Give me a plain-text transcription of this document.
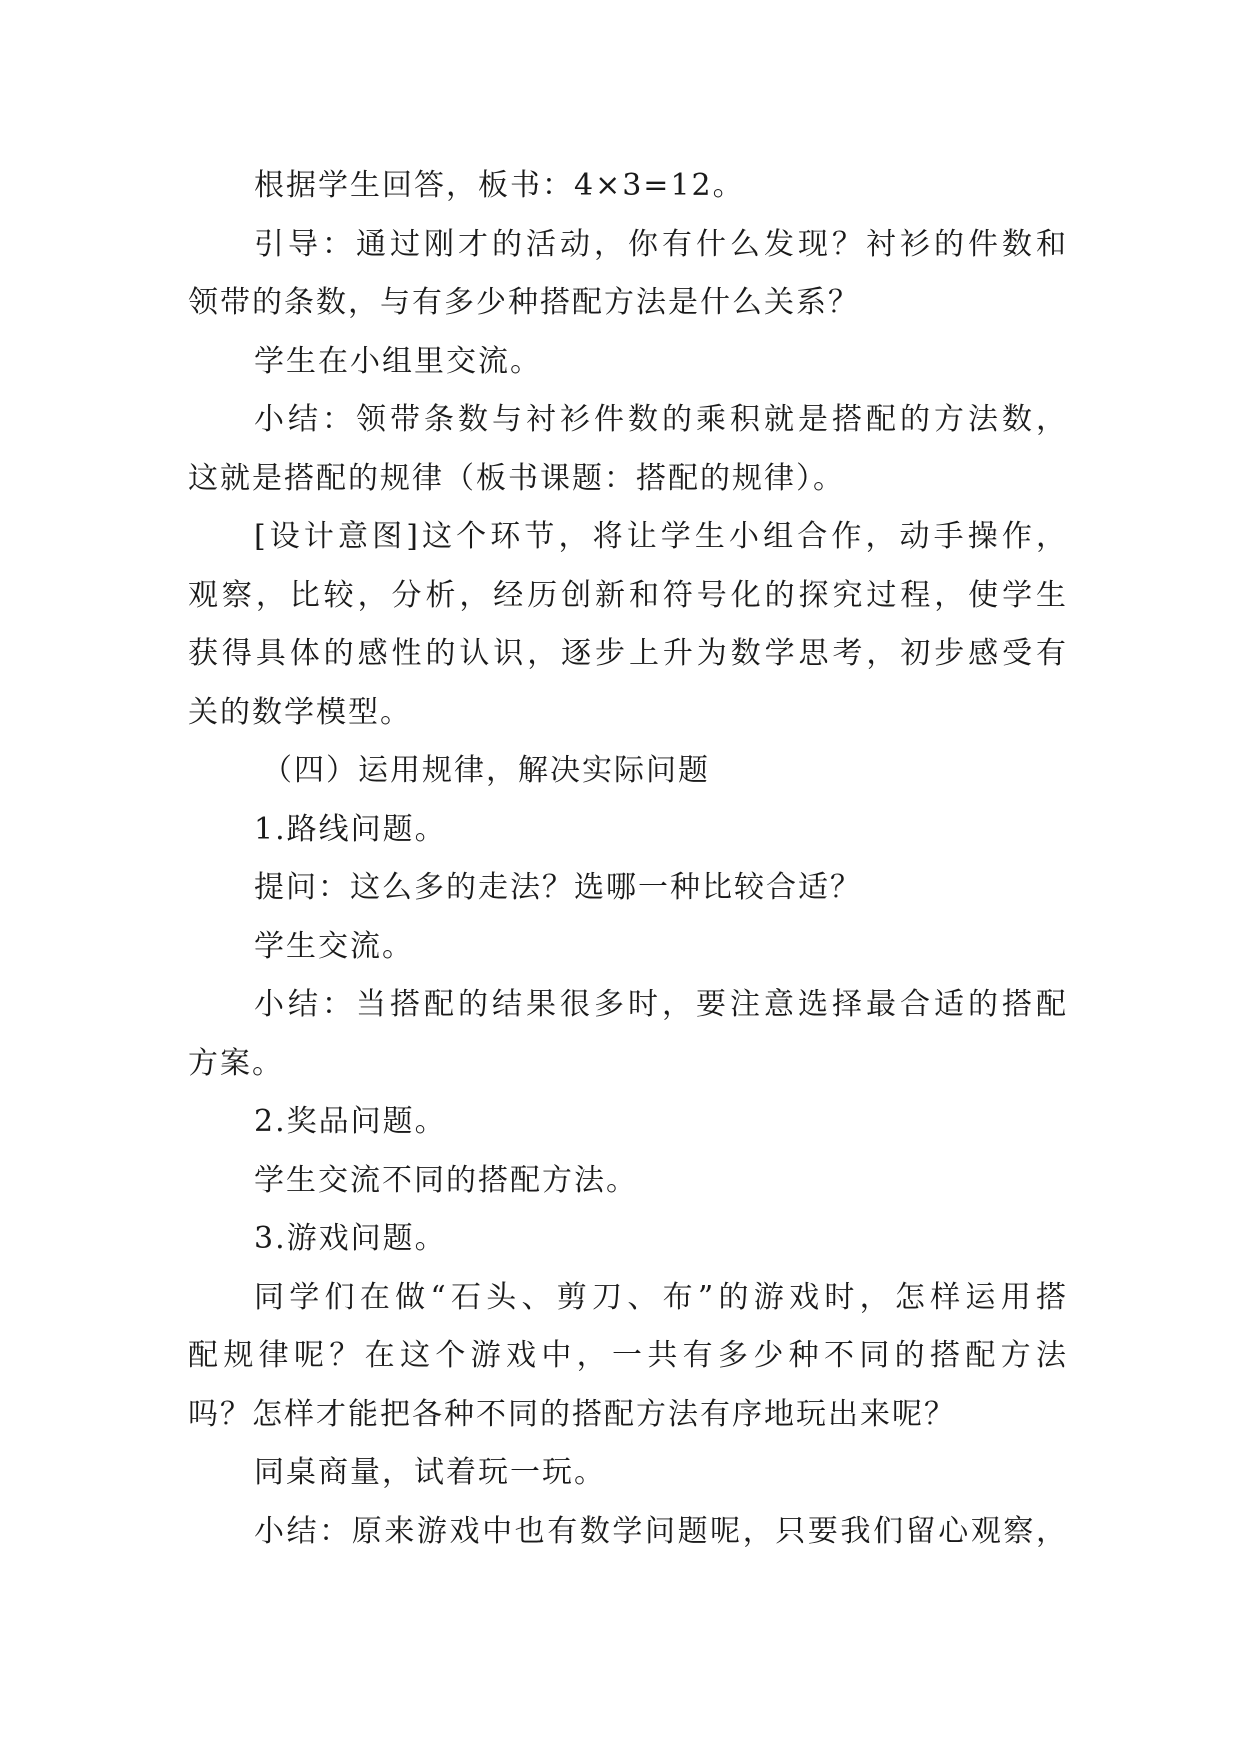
根据学生回答，板书：4×3=12。
引导：通过刚才的活动，你有什么发现？衬衫的件数和
领带的条数，与有多少种搭配方法是什么关系？
学生在小组里交流。
小结：领带条数与衬衫件数的乘积就是搭配的方法数，
这就是搭配的规律（板书课题：搭配的规律）。
[设计意图]这个环节，将让学生小组合作，动手操作，
观察，比较，分析，经历创新和符号化的探究过程，使学生
获得具体的感性的认识，逐步上升为数学思考，初步感受有
关的数学模型。
（四）运用规律，解决实际问题
1.路线问题。
提问：这么多的走法？选哪一种比较合适？
学生交流。
小结：当搭配的结果很多时，要注意选择最合适的搭配
方案。
2.奖品问题。
学生交流不同的搭配方法。
3.游戏问题。
同学们在做“石头、剪刀、布”的游戏时，怎样运用搭
配规律呢？在这个游戏中，一共有多少种不同的搭配方法
吗？怎样才能把各种不同的搭配方法有序地玩出来呢？
同桌商量，试着玩一玩。
小结：原来游戏中也有数学问题呢，只要我们留心观察，
